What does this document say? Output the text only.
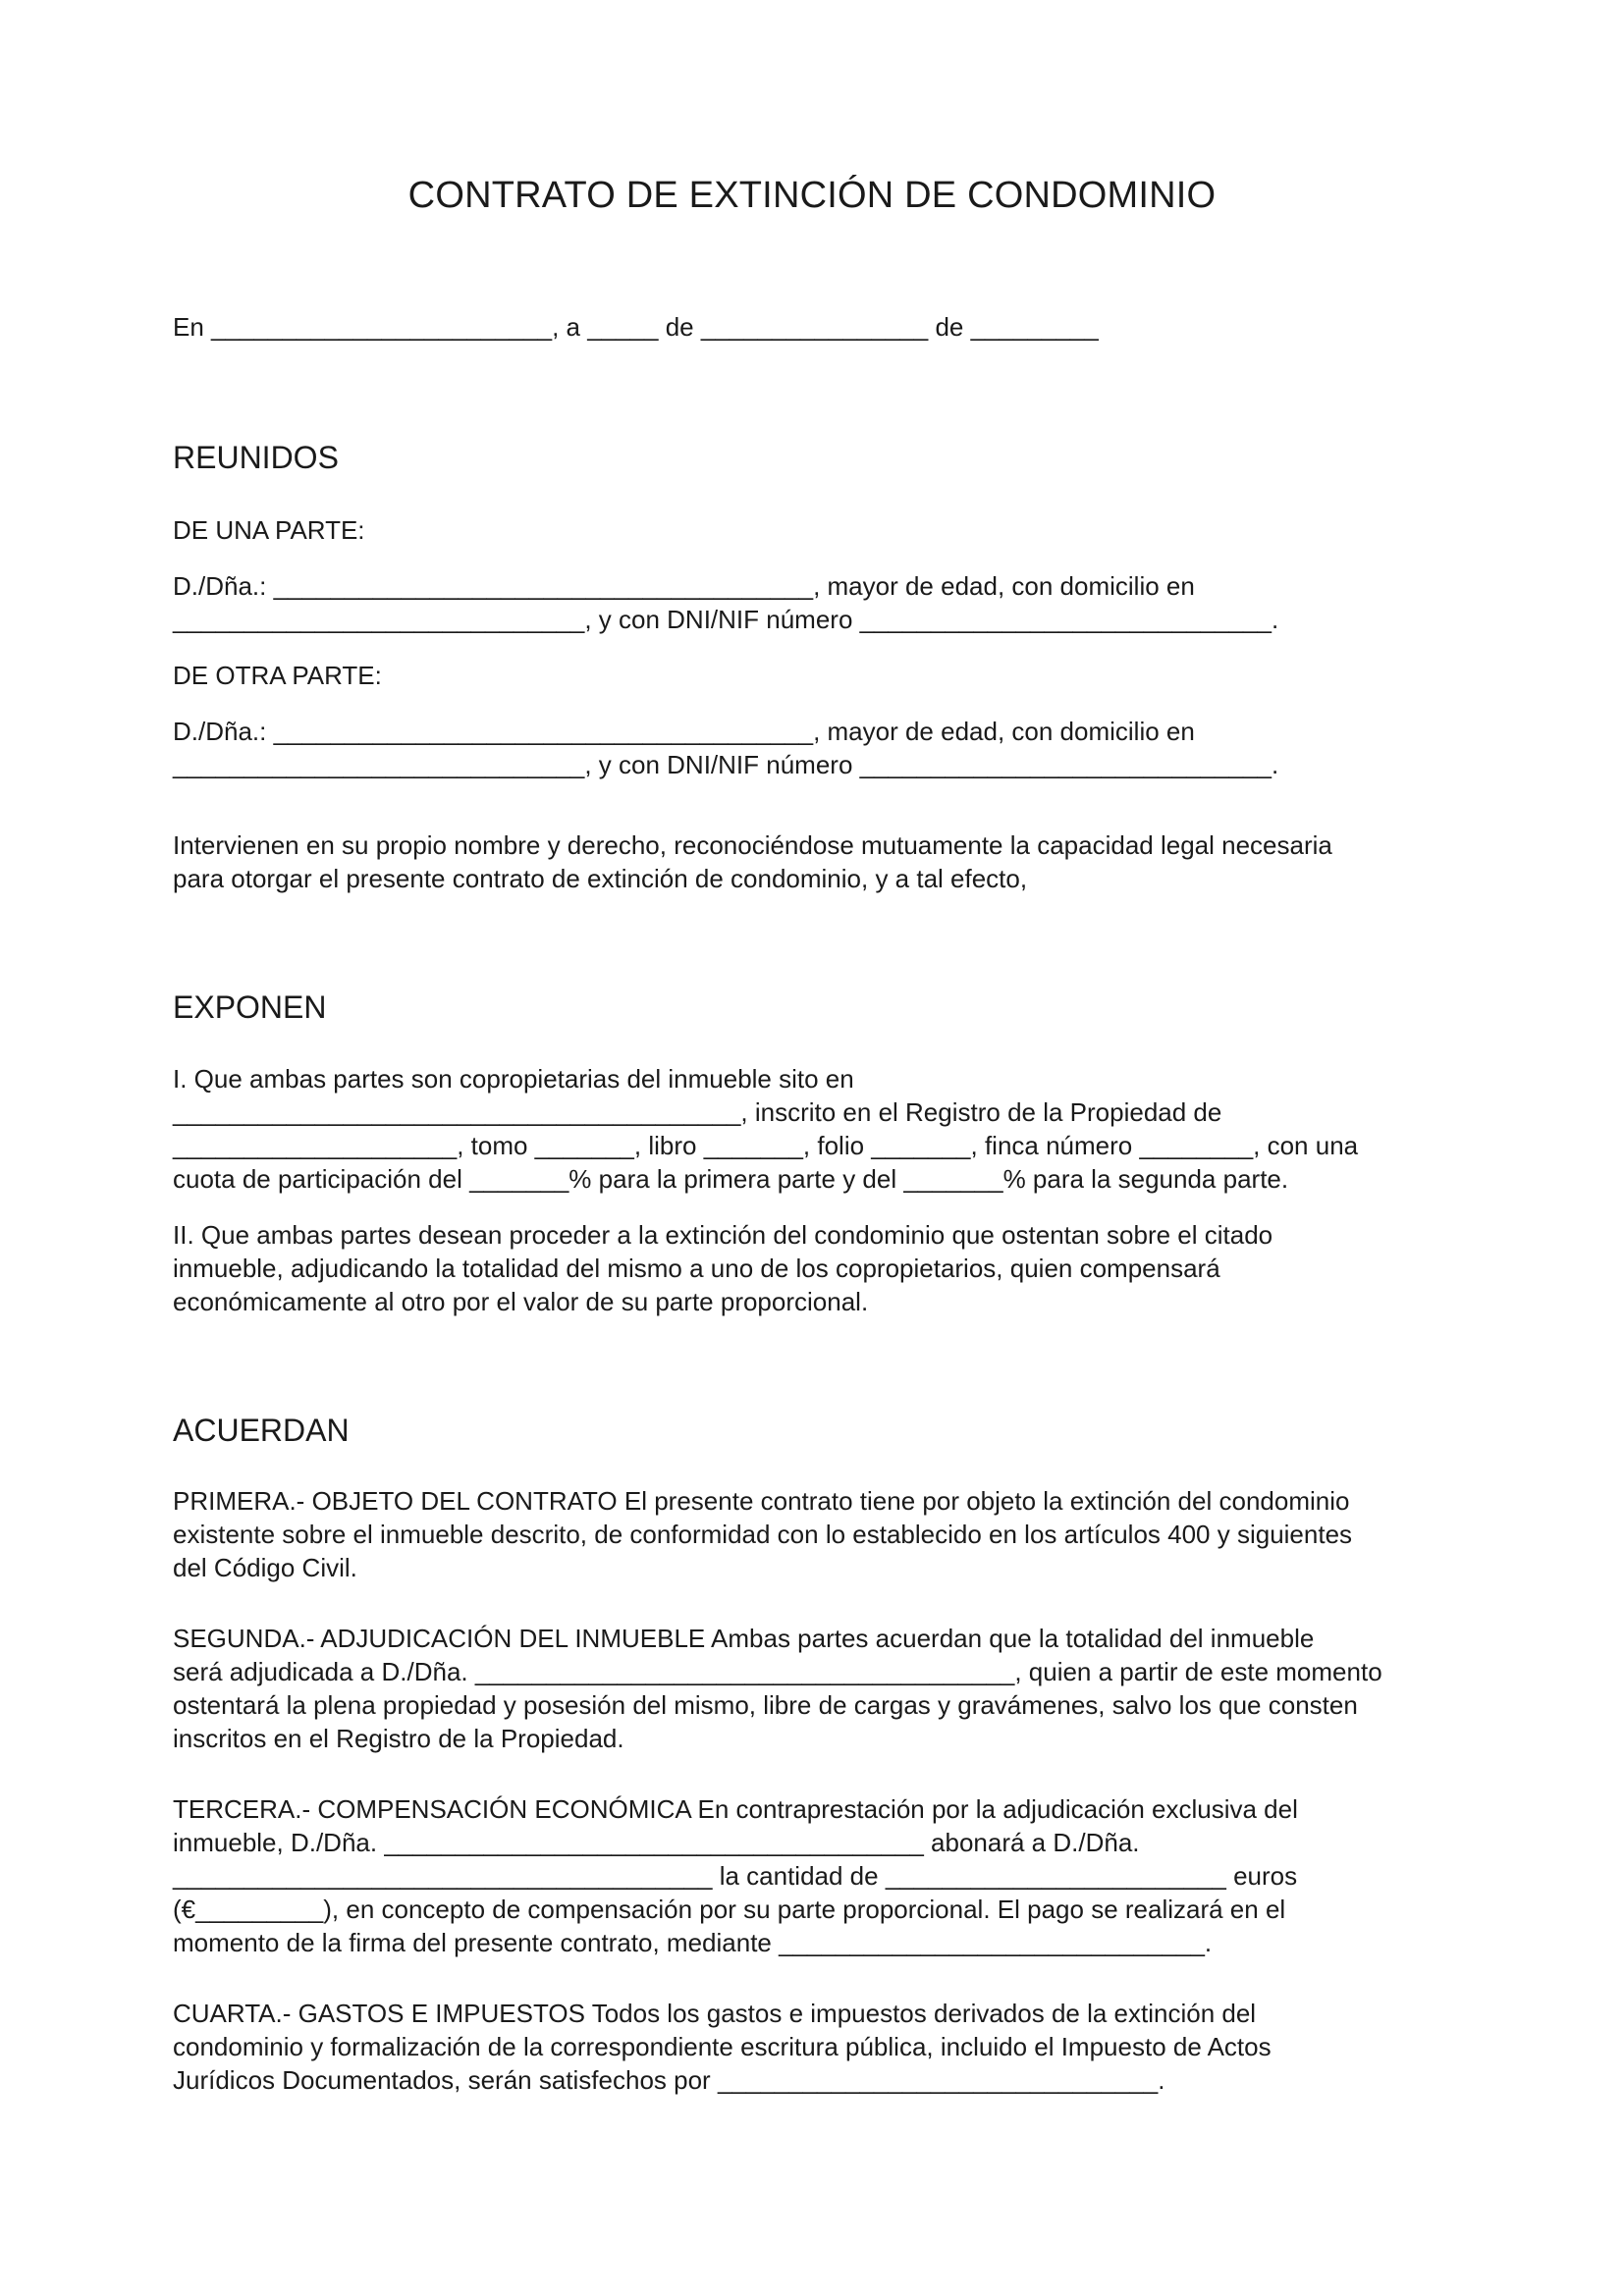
CONTRATO DE EXTINCIÓN DE CONDOMINIO

En ________________________, a _____ de ________________ de _________

REUNIDOS

DE UNA PARTE:

D./Dña.: ______________________________________, mayor de edad, con domicilio en

_____________________________, y con DNI/NIF número _____________________________.

DE OTRA PARTE:

D./Dña.: ______________________________________, mayor de edad, con domicilio en

_____________________________, y con DNI/NIF número _____________________________.

Intervienen en su propio nombre y derecho, reconociéndose mutuamente la capacidad legal necesaria

para otorgar el presente contrato de extinción de condominio, y a tal efecto,

EXPONEN

I. Que ambas partes son copropietarias del inmueble sito en

________________________________________, inscrito en el Registro de la Propiedad de

____________________, tomo _______, libro _______, folio _______, finca número ________, con una

cuota de participación del _______% para la primera parte y del _______% para la segunda parte.

II. Que ambas partes desean proceder a la extinción del condominio que ostentan sobre el citado

inmueble, adjudicando la totalidad del mismo a uno de los copropietarios, quien compensará

económicamente al otro por el valor de su parte proporcional.

ACUERDAN

PRIMERA.- OBJETO DEL CONTRATO El presente contrato tiene por objeto la extinción del condominio

existente sobre el inmueble descrito, de conformidad con lo establecido en los artículos 400 y siguientes

del Código Civil.

SEGUNDA.- ADJUDICACIÓN DEL INMUEBLE Ambas partes acuerdan que la totalidad del inmueble

será adjudicada a D./Dña. ______________________________________, quien a partir de este momento

ostentará la plena propiedad y posesión del mismo, libre de cargas y gravámenes, salvo los que consten

inscritos en el Registro de la Propiedad.

TERCERA.- COMPENSACIÓN ECONÓMICA En contraprestación por la adjudicación exclusiva del

inmueble, D./Dña. ______________________________________ abonará a D./Dña.

______________________________________ la cantidad de ________________________ euros

(€_________), en concepto de compensación por su parte proporcional. El pago se realizará en el

momento de la firma del presente contrato, mediante ______________________________.

CUARTA.- GASTOS E IMPUESTOS Todos los gastos e impuestos derivados de la extinción del

condominio y formalización de la correspondiente escritura pública, incluido el Impuesto de Actos

Jurídicos Documentados, serán satisfechos por _______________________________.
